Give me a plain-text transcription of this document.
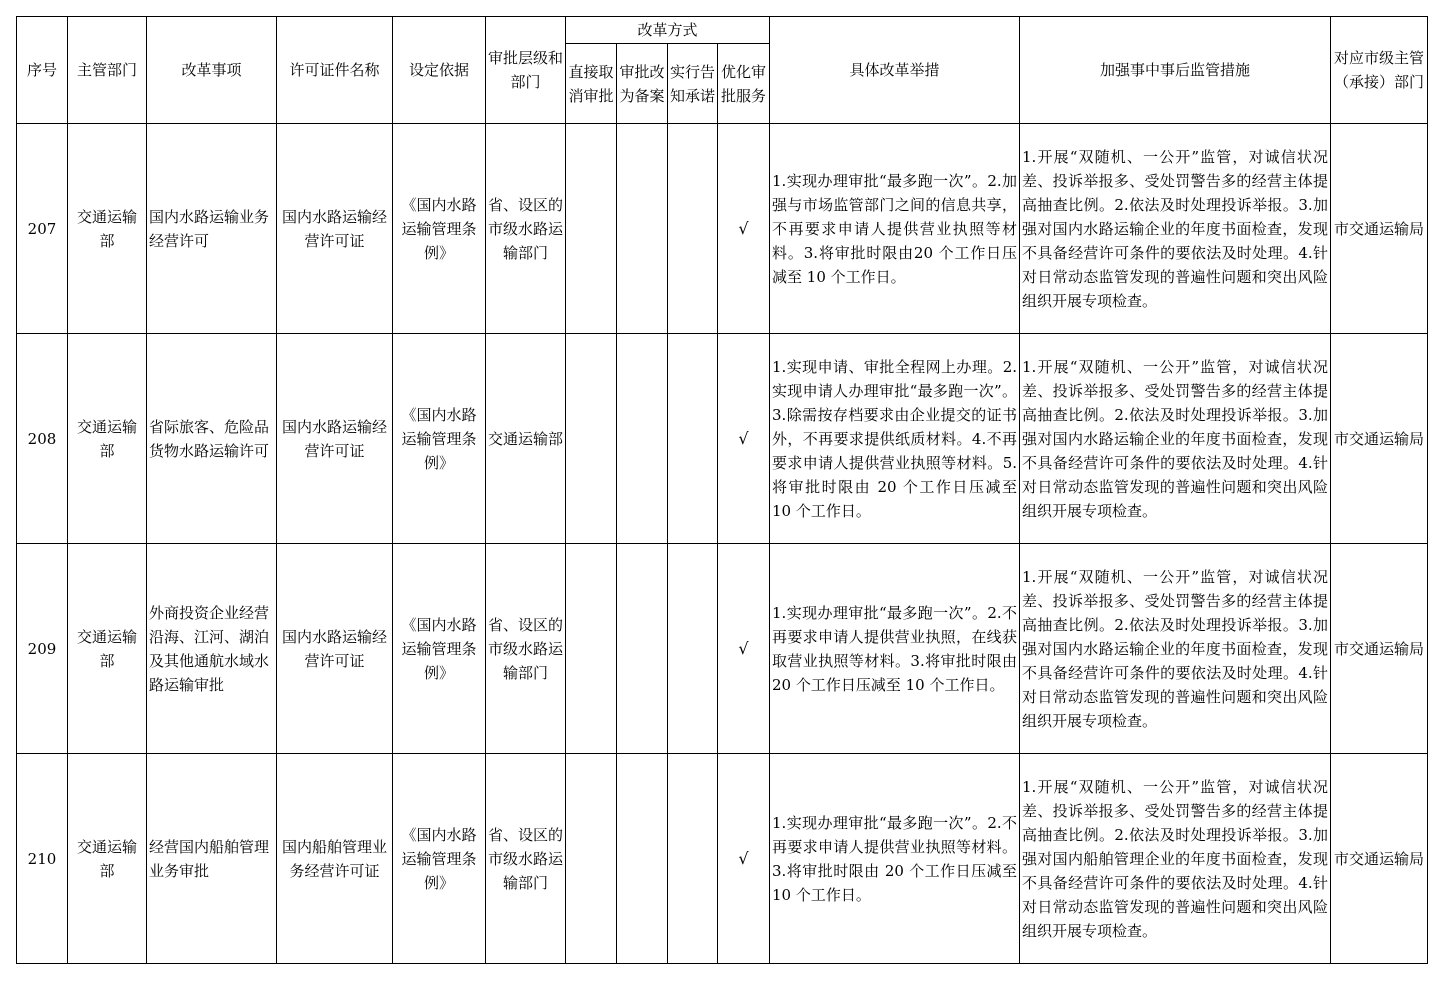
序号	主管部门	改革事项	许可证件名称	设定依据	审批层级和部门	改革方式				具体改革举措	加强事中事后监管措施	对应市级主管（承接）部门
						直接取消审批	审批改为备案	实行告知承诺	优化审批服务			
207	交通运输部	国内水路运输业务经营许可	国内水路运输经营许可证	《国内水路运输管理条例》	省、设区的市级水路运输部门				√	1.实现办理审批“最多跑一次”。2.加强与市场监管部门之间的信息共享，不再要求申请人提供营业执照等材料。3.将审批时限由20 个工作日压减至 10 个工作日。	1.开展“双随机、一公开”监管，对诚信状况差、投诉举报多、受处罚警告多的经营主体提高抽查比例。2.依法及时处理投诉举报。3.加强对国内水路运输企业的年度书面检查，发现不具备经营许可条件的要依法及时处理。4.针对日常动态监管发现的普遍性问题和突出风险组织开展专项检查。	市交通运输局
208	交通运输部	省际旅客、危险品货物水路运输许可	国内水路运输经营许可证	《国内水路运输管理条例》	交通运输部				√	1.实现申请、审批全程网上办理。2.实现申请人办理审批“最多跑一次”。3.除需按存档要求由企业提交的证书外，不再要求提供纸质材料。4.不再要求申请人提供营业执照等材料。5.将审批时限由 20 个工作日压减至 10 个工作日。	1.开展“双随机、一公开”监管，对诚信状况差、投诉举报多、受处罚警告多的经营主体提高抽查比例。2.依法及时处理投诉举报。3.加强对国内水路运输企业的年度书面检查，发现不具备经营许可条件的要依法及时处理。4.针对日常动态监管发现的普遍性问题和突出风险组织开展专项检查。	市交通运输局
209	交通运输部	外商投资企业经营沿海、江河、湖泊及其他通航水域水路运输审批	国内水路运输经营许可证	《国内水路运输管理条例》	省、设区的市级水路运输部门				√	1.实现办理审批“最多跑一次”。2.不再要求申请人提供营业执照，在线获取营业执照等材料。3.将审批时限由 20 个工作日压减至 10 个工作日。	1.开展“双随机、一公开”监管，对诚信状况差、投诉举报多、受处罚警告多的经营主体提高抽查比例。2.依法及时处理投诉举报。3.加强对国内水路运输企业的年度书面检查，发现不具备经营许可条件的要依法及时处理。4.针对日常动态监管发现的普遍性问题和突出风险组织开展专项检查。	市交通运输局
210	交通运输部	经营国内船舶管理业务审批	国内船舶管理业务经营许可证	《国内水路运输管理条例》	省、设区的市级水路运输部门				√	1.实现办理审批“最多跑一次”。2.不再要求申请人提供营业执照等材料。3.将审批时限由 20 个工作日压减至 10 个工作日。	1.开展“双随机、一公开”监管，对诚信状况差、投诉举报多、受处罚警告多的经营主体提高抽查比例。2.依法及时处理投诉举报。3.加强对国内船舶管理企业的年度书面检查，发现不具备经营许可条件的要依法及时处理。4.针对日常动态监管发现的普遍性问题和突出风险组织开展专项检查。	市交通运输局
